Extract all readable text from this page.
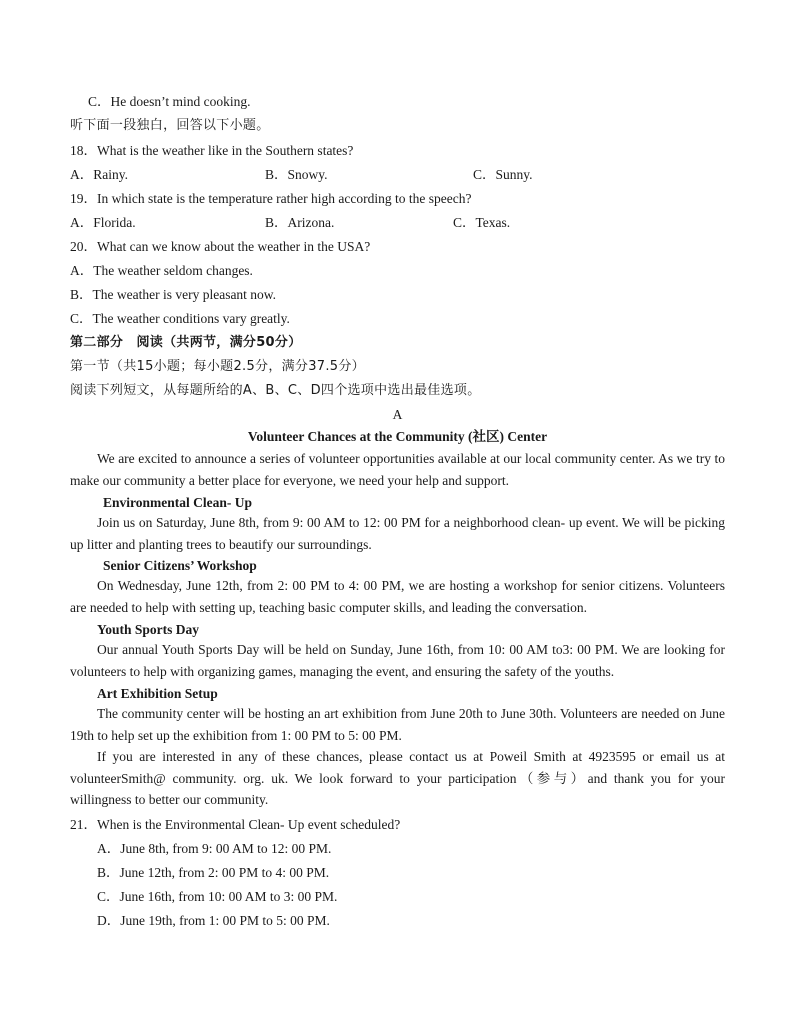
C．He doesn’t mind cooking.
听下面一段独白，回答以下小题。
18．What is the weather like in the Southern states?
A．Rainy.	B．Snowy.	C．Sunny.
19．In which state is the temperature rather high according to the speech?
A．Florida.	B．Arizona.	C．Texas.
20．What can we know about the weather in the USA?
A．The weather seldom changes.
B．The weather is very pleasant now.
C．The weather conditions vary greatly.
第二部分　阅读（共两节，满分50分）
第一节（共15小题；每小题2.5分，满分37.5分）
阅读下列短文，从每题所给的A、B、C、D四个选项中选出最佳选项。
A
Volunteer Chances at the Community (社区) Center
We are excited to announce a series of volunteer opportunities available at our local community center. As we try to make our community a better place for everyone, we need your help and support.
Environmental Clean- Up
Join us on Saturday, June 8th, from 9: 00 AM to 12: 00 PM for a neighborhood clean- up event. We will be picking up litter and planting trees to beautify our surroundings.
Senior Citizens’ Workshop
On Wednesday, June 12th, from 2: 00 PM to 4: 00 PM, we are hosting a workshop for senior citizens. Volunteers are needed to help with setting up, teaching basic computer skills, and leading the conversation.
Youth Sports Day
Our annual Youth Sports Day will be held on Sunday, June 16th, from 10: 00 AM to3: 00 PM. We are looking for volunteers to help with organizing games, managing the event, and ensuring the safety of the youths.
Art Exhibition Setup
The community center will be hosting an art exhibition from June 20th to June 30th. Volunteers are needed on June 19th to help set up the exhibition from 1: 00 PM to 5: 00 PM.
If you are interested in any of these chances, please contact us at Poweil Smith at 4923595 or email us at volunteerSmith@ community. org. uk. We look forward to your participation（参与）and thank you for your willingness to better our community.
21．When is the Environmental Clean- Up event scheduled?
A．June 8th, from 9: 00 AM to 12: 00 PM.
B．June 12th, from 2: 00 PM to 4: 00 PM.
C．June 16th, from 10: 00 AM to 3: 00 PM.
D．June 19th, from 1: 00 PM to 5: 00 PM.
